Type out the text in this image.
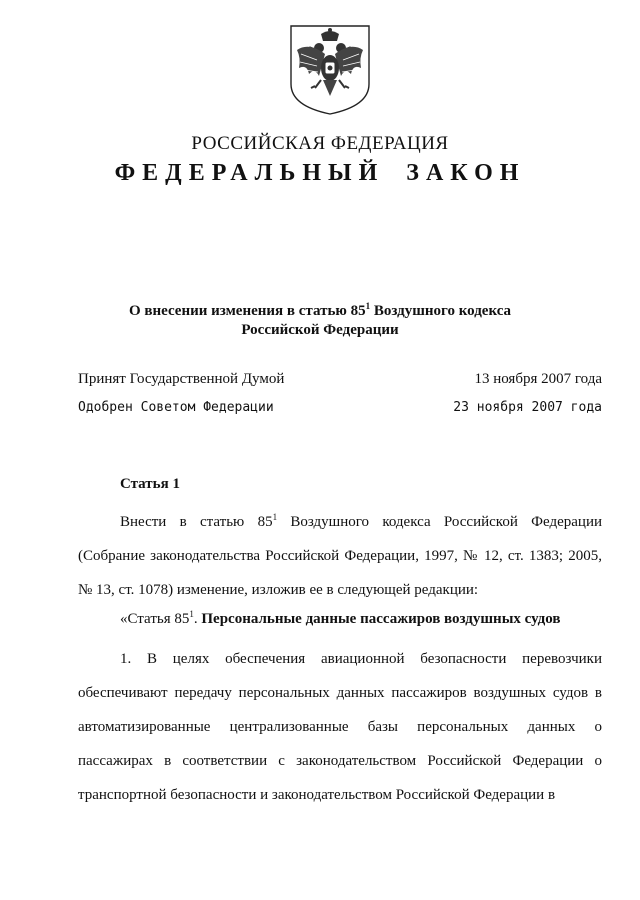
РОССИЙСКАЯ ФЕДЕРАЦИЯ
ФЕДЕРАЛЬНЫЙ ЗАКОН
О внесении изменения в статью $85^1$ Воздушного кодекса
Российской Федерации
Принят Государственной Думой	13 ноября 2007 года
Одобрен Советом Федерации	23 ноября 2007 года
Статья 1

Внести в статью $85^1$ Воздушного кодекса Российской Федерации (Собрание законодательства Российской Федерации, 1997, № 12, ст. 1383; 2005, № 13, ст. 1078) изменение, изложив ее в следующей редакции:

«Статья $85^1$. Персональные данные пассажиров воздушных судов

1. В целях обеспечения авиационной безопасности перевозчики обеспечивают передачу персональных данных пассажиров воздушных судов в автоматизированные централизованные базы персональных данных о пассажирах в соответствии с законодательством Российской Федерации о транспортной безопасности и законодательством Российской Федерации в
